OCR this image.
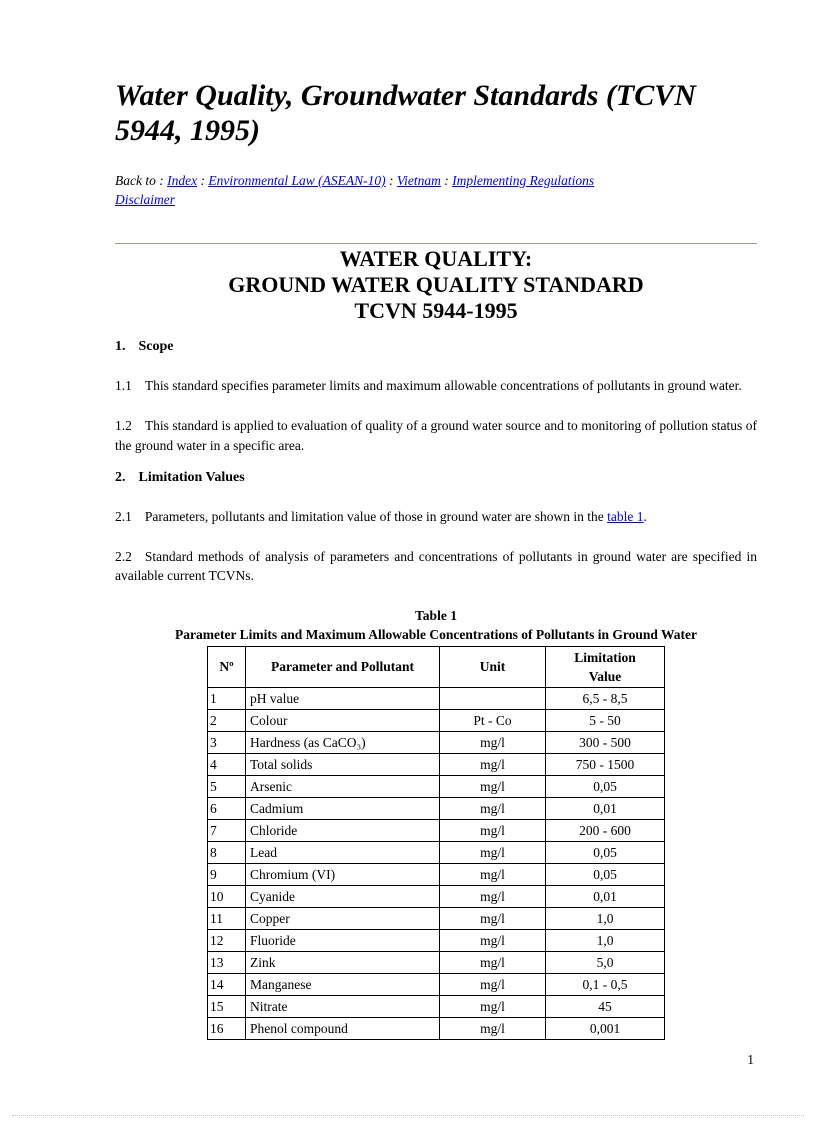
Water Quality, Groundwater Standards (TCVN 5944, 1995)

Back to : Index : Environmental Law (ASEAN-10) : Vietnam : Implementing Regulations
Disclaimer

WATER QUALITY:
GROUND WATER QUALITY STANDARD
TCVN 5944-1995
1. Scope

1.1 This standard specifies parameter limits and maximum allowable concentrations of pollutants in ground water.

1.2 This standard is applied to evaluation of quality of a ground water source and to monitoring of pollution status of the ground water in a specific area.

2. Limitation Values

2.1 Parameters, pollutants and limitation value of those in ground water are shown in the table 1.

2.2 Standard methods of analysis of parameters and concentrations of pollutants in ground water are specified in available current TCVNs.

Table 1
Parameter Limits and Maximum Allowable Concentrations of Pollutants in Ground Water
Nº	Parameter and Pollutant	Unit	Limitation Value
1	pH value		6,5 - 8,5
2	Colour	Pt - Co	5 - 50
3	Hardness (as CaCO₃)	mg/l	300 - 500
4	Total solids	mg/l	750 - 1500
5	Arsenic	mg/l	0,05
6	Cadmium	mg/l	0,01
7	Chloride	mg/l	200 - 600
8	Lead	mg/l	0,05
9	Chromium (VI)	mg/l	0,05
10	Cyanide	mg/l	0,01
11	Copper	mg/l	1,0
12	Fluoride	mg/l	1,0
13	Zink	mg/l	5,0
14	Manganese	mg/l	0,1 - 0,5
15	Nitrate	mg/l	45
16	Phenol compound	mg/l	0,001
1
